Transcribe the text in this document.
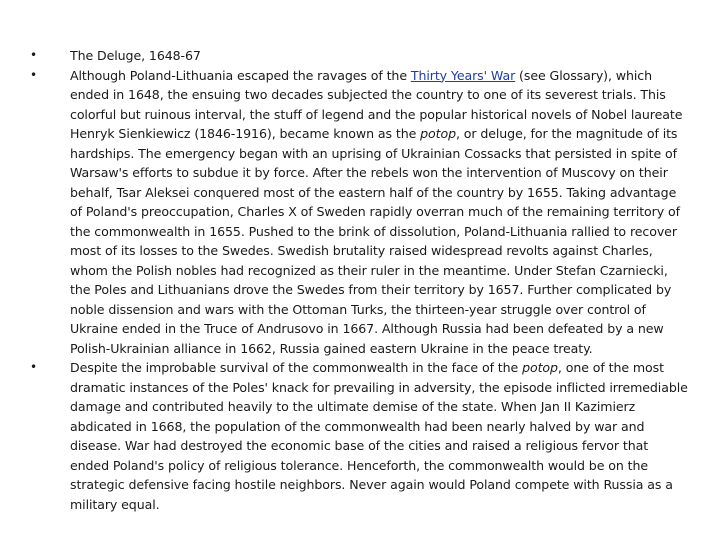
•	The Deluge, 1648-67
•	Although Poland-Lithuania escaped the ravages of the Thirty Years' War (see Glossary), which ended in 1648, the ensuing two decades subjected the country to one of its severest trials. This colorful but ruinous interval, the stuff of legend and the popular historical novels of Nobel laureate Henryk Sienkiewicz (1846-1916), became known as the potop, or deluge, for the magnitude of its hardships. The emergency began with an uprising of Ukrainian Cossacks that persisted in spite of Warsaw's efforts to subdue it by force. After the rebels won the intervention of Muscovy on their behalf, Tsar Aleksei conquered most of the eastern half of the country by 1655. Taking advantage of Poland's preoccupation, Charles X of Sweden rapidly overran much of the remaining territory of the commonwealth in 1655. Pushed to the brink of dissolution, Poland-Lithuania rallied to recover most of its losses to the Swedes. Swedish brutality raised widespread revolts against Charles, whom the Polish nobles had recognized as their ruler in the meantime. Under Stefan Czarniecki, the Poles and Lithuanians drove the Swedes from their territory by 1657. Further complicated by noble dissension and wars with the Ottoman Turks, the thirteen-year struggle over control of Ukraine ended in the Truce of Andrusovo in 1667. Although Russia had been defeated by a new Polish-Ukrainian alliance in 1662, Russia gained eastern Ukraine in the peace treaty.
•	Despite the improbable survival of the commonwealth in the face of the potop, one of the most dramatic instances of the Poles' knack for prevailing in adversity, the episode inflicted irremediable damage and contributed heavily to the ultimate demise of the state. When Jan II Kazimierz abdicated in 1668, the population of the commonwealth had been nearly halved by war and disease. War had destroyed the economic base of the cities and raised a religious fervor that ended Poland's policy of religious tolerance. Henceforth, the commonwealth would be on the strategic defensive facing hostile neighbors. Never again would Poland compete with Russia as a military equal.
